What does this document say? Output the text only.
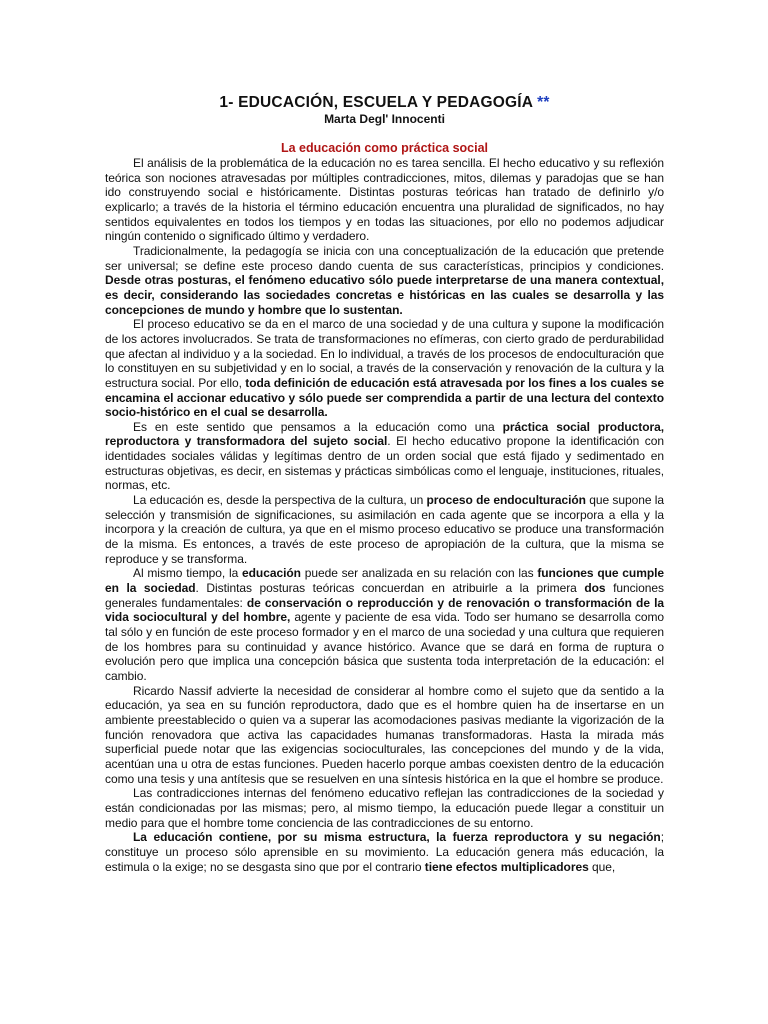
1- EDUCACIÓN, ESCUELA Y PEDAGOGÍA **

Marta Degl' Innocenti

La educación como práctica social

El análisis de la problemática de la educación no es tarea sencilla. El hecho educativo y su reflexión teórica son nociones atravesadas por múltiples contradicciones, mitos, dilemas y paradojas que se han ido construyendo social e históricamente. Distintas posturas teóricas han tratado de definirlo y/o explicarlo; a través de la historia el término educación encuentra una pluralidad de significados, no hay sentidos equivalentes en todos los tiempos y en todas las situaciones, por ello no podemos adjudicar ningún contenido o significado último y verdadero.

Tradicionalmente, la pedagogía se inicia con una conceptualización de la educación que pretende ser universal; se define este proceso dando cuenta de sus características, principios y condiciones. Desde otras posturas, el fenómeno educativo sólo puede interpretarse de una manera contextual, es decir, considerando las sociedades concretas e históricas en las cuales se desarrolla y las concepciones de mundo y hombre que lo sustentan.

El proceso educativo se da en el marco de una sociedad y de una cultura y supone la modificación de los actores involucrados. Se trata de transformaciones no efímeras, con cierto grado de perdurabilidad que afectan al individuo y a la sociedad. En lo individual, a través de los procesos de endoculturación que lo constituyen en su subjetividad y en lo social, a través de la conservación y renovación de la cultura y la estructura social. Por ello, toda definición de educación está atravesada por los fines a los cuales se encamina el accionar educativo y sólo puede ser comprendida a partir de una lectura del contexto socio-histórico en el cual se desarrolla.

Es en este sentido que pensamos a la educación como una práctica social productora, reproductora y transformadora del sujeto social. El hecho educativo propone la identificación con identidades sociales válidas y legítimas dentro de un orden social que está fijado y sedimentado en estructuras objetivas, es decir, en sistemas y prácticas simbólicas como el lenguaje, instituciones, rituales, normas, etc.

La educación es, desde la perspectiva de la cultura, un proceso de endoculturación que supone la selección y transmisión de significaciones, su asimilación en cada agente que se incorpora a ella y la incorpora y la creación de cultura, ya que en el mismo proceso educativo se produce una transformación de la misma. Es entonces, a través de este proceso de apropiación de la cultura, que la misma se reproduce y se transforma.

Al mismo tiempo, la educación puede ser analizada en su relación con las funciones que cumple en la sociedad. Distintas posturas teóricas concuerdan en atribuirle a la primera dos funciones generales fundamentales: de conservación o reproducción y de renovación o transformación de la vida sociocultural y del hombre, agente y paciente de esa vida. Todo ser humano se desarrolla como tal sólo y en función de este proceso formador y en el marco de una sociedad y una cultura que requieren de los hombres para su continuidad y avance histórico. Avance que se dará en forma de ruptura o evolución pero que implica una concepción básica que sustenta toda interpretación de la educación: el cambio.

Ricardo Nassif advierte la necesidad de considerar al hombre como el sujeto que da sentido a la educación, ya sea en su función reproductora, dado que es el hombre quien ha de insertarse en un ambiente preestablecido o quien va a superar las acomodaciones pasivas mediante la vigorización de la función renovadora que activa las capacidades humanas transformadoras. Hasta la mirada más superficial puede notar que las exigencias socioculturales, las concepciones del mundo y de la vida, acentúan una u otra de estas funciones. Pueden hacerlo porque ambas coexisten dentro de la educación como una tesis y una antítesis que se resuelven en una síntesis histórica en la que el hombre se produce.

Las contradicciones internas del fenómeno educativo reflejan las contradicciones de la sociedad y están condicionadas por las mismas; pero, al mismo tiempo, la educación puede llegar a constituir un medio para que el hombre tome conciencia de las contradicciones de su entorno.

La educación contiene, por su misma estructura, la fuerza reproductora y su negación; constituye un proceso sólo aprensible en su movimiento. La educación genera más educación, la estimula o la exige; no se desgasta sino que por el contrario tiene efectos multiplicadores que,
